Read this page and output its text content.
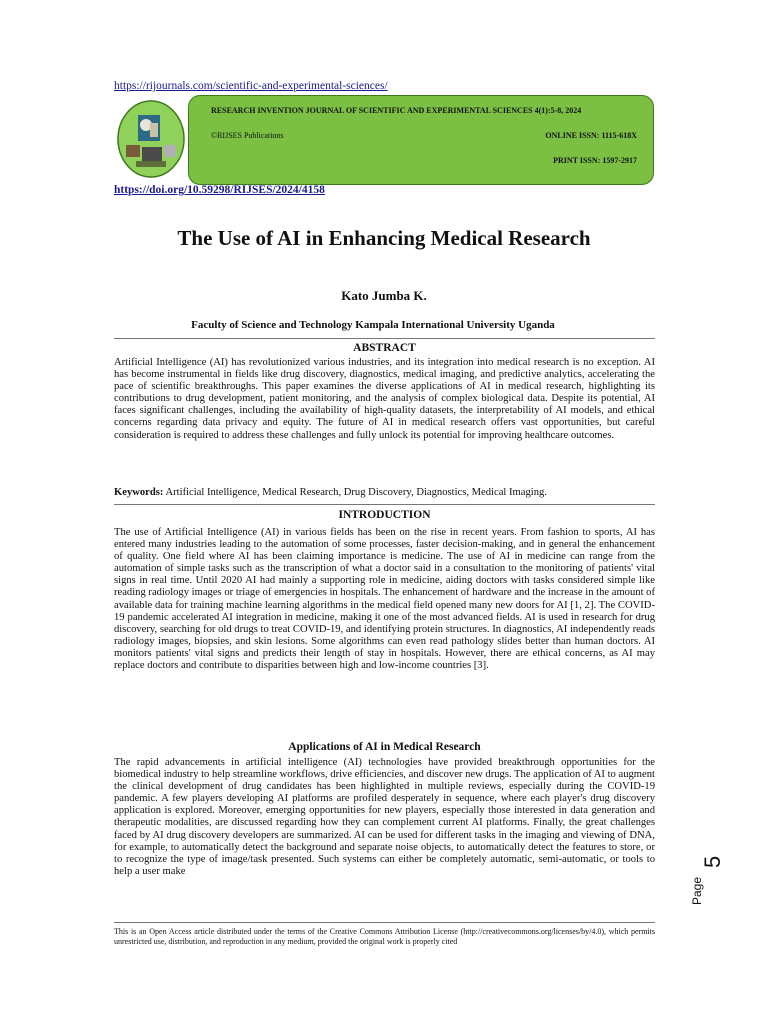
https://rijournals.com/scientific-and-experimental-sciences/
RESEARCH INVENTION JOURNAL OF SCIENTIFIC AND EXPERIMENTAL SCIENCES 4(1):5-8, 2024
©RIJSES Publications	ONLINE ISSN: 1115-618X
PRINT ISSN: 1597-2917
https://doi.org/10.59298/RIJSES/2024/4158
The Use of AI in Enhancing Medical Research
Kato Jumba K.
Faculty of Science and Technology Kampala International University Uganda
ABSTRACT

Artificial Intelligence (AI) has revolutionized various industries, and its integration into medical research is no exception. AI has become instrumental in fields like drug discovery, diagnostics, medical imaging, and predictive analytics, accelerating the pace of scientific breakthroughs. This paper examines the diverse applications of AI in medical research, highlighting its contributions to drug development, patient monitoring, and the analysis of complex biological data. Despite its potential, AI faces significant challenges, including the availability of high-quality datasets, the interpretability of AI models, and ethical concerns regarding data privacy and equity. The future of AI in medical research offers vast opportunities, but careful consideration is required to address these challenges and fully unlock its potential for improving healthcare outcomes.

Keywords: Artificial Intelligence, Medical Research, Drug Discovery, Diagnostics, Medical Imaging.

INTRODUCTION

The use of Artificial Intelligence (AI) in various fields has been on the rise in recent years. From fashion to sports, AI has entered many industries leading to the automation of some processes, faster decision-making, and in general the enhancement of quality. One field where AI has been claiming importance is medicine. The use of AI in medicine can range from the automation of simple tasks such as the transcription of what a doctor said in a consultation to the monitoring of patients' vital signs in real time. Until 2020 AI had mainly a supporting role in medicine, aiding doctors with tasks considered simple like reading radiology images or triage of emergencies in hospitals. The enhancement of hardware and the increase in the amount of available data for training machine learning algorithms in the medical field opened many new doors for AI [1, 2]. The COVID-19 pandemic accelerated AI integration in medicine, making it one of the most advanced fields. AI is used in research for drug discovery, searching for old drugs to treat COVID-19, and identifying protein structures. In diagnostics, AI independently reads radiology images, biopsies, and skin lesions. Some algorithms can even read pathology slides better than human doctors. AI monitors patients' vital signs and predicts their length of stay in hospitals. However, there are ethical concerns, as AI may replace doctors and contribute to disparities between high and low-income countries [3].

Applications of AI in Medical Research

The rapid advancements in artificial intelligence (AI) technologies have provided breakthrough opportunities for the biomedical industry to help streamline workflows, drive efficiencies, and discover new drugs. The application of AI to augment the clinical development of drug candidates has been highlighted in multiple reviews, especially during the COVID-19 pandemic. A few players developing AI platforms are profiled desperately in sequence, where each player's drug discovery application is explored. Moreover, emerging opportunities for new players, especially those interested in data generation and therapeutic modalities, are discussed regarding how they can complement current AI platforms. Finally, the great challenges faced by AI drug discovery developers are summarized. AI can be used for different tasks in the imaging and viewing of DNA, for example, to automatically detect the background and separate noise objects, to automatically detect the features to store, or to recognize the type of image/task presented. Such systems can either be completely automatic, semi-automatic, or tools to help a user make

This is an Open Access article distributed under the terms of the Creative Commons Attribution License (http://creativecommons.org/licenses/by/4.0), which permits unrestricted use, distribution, and reproduction in any medium, provided the original work is properly cited
Page
5
